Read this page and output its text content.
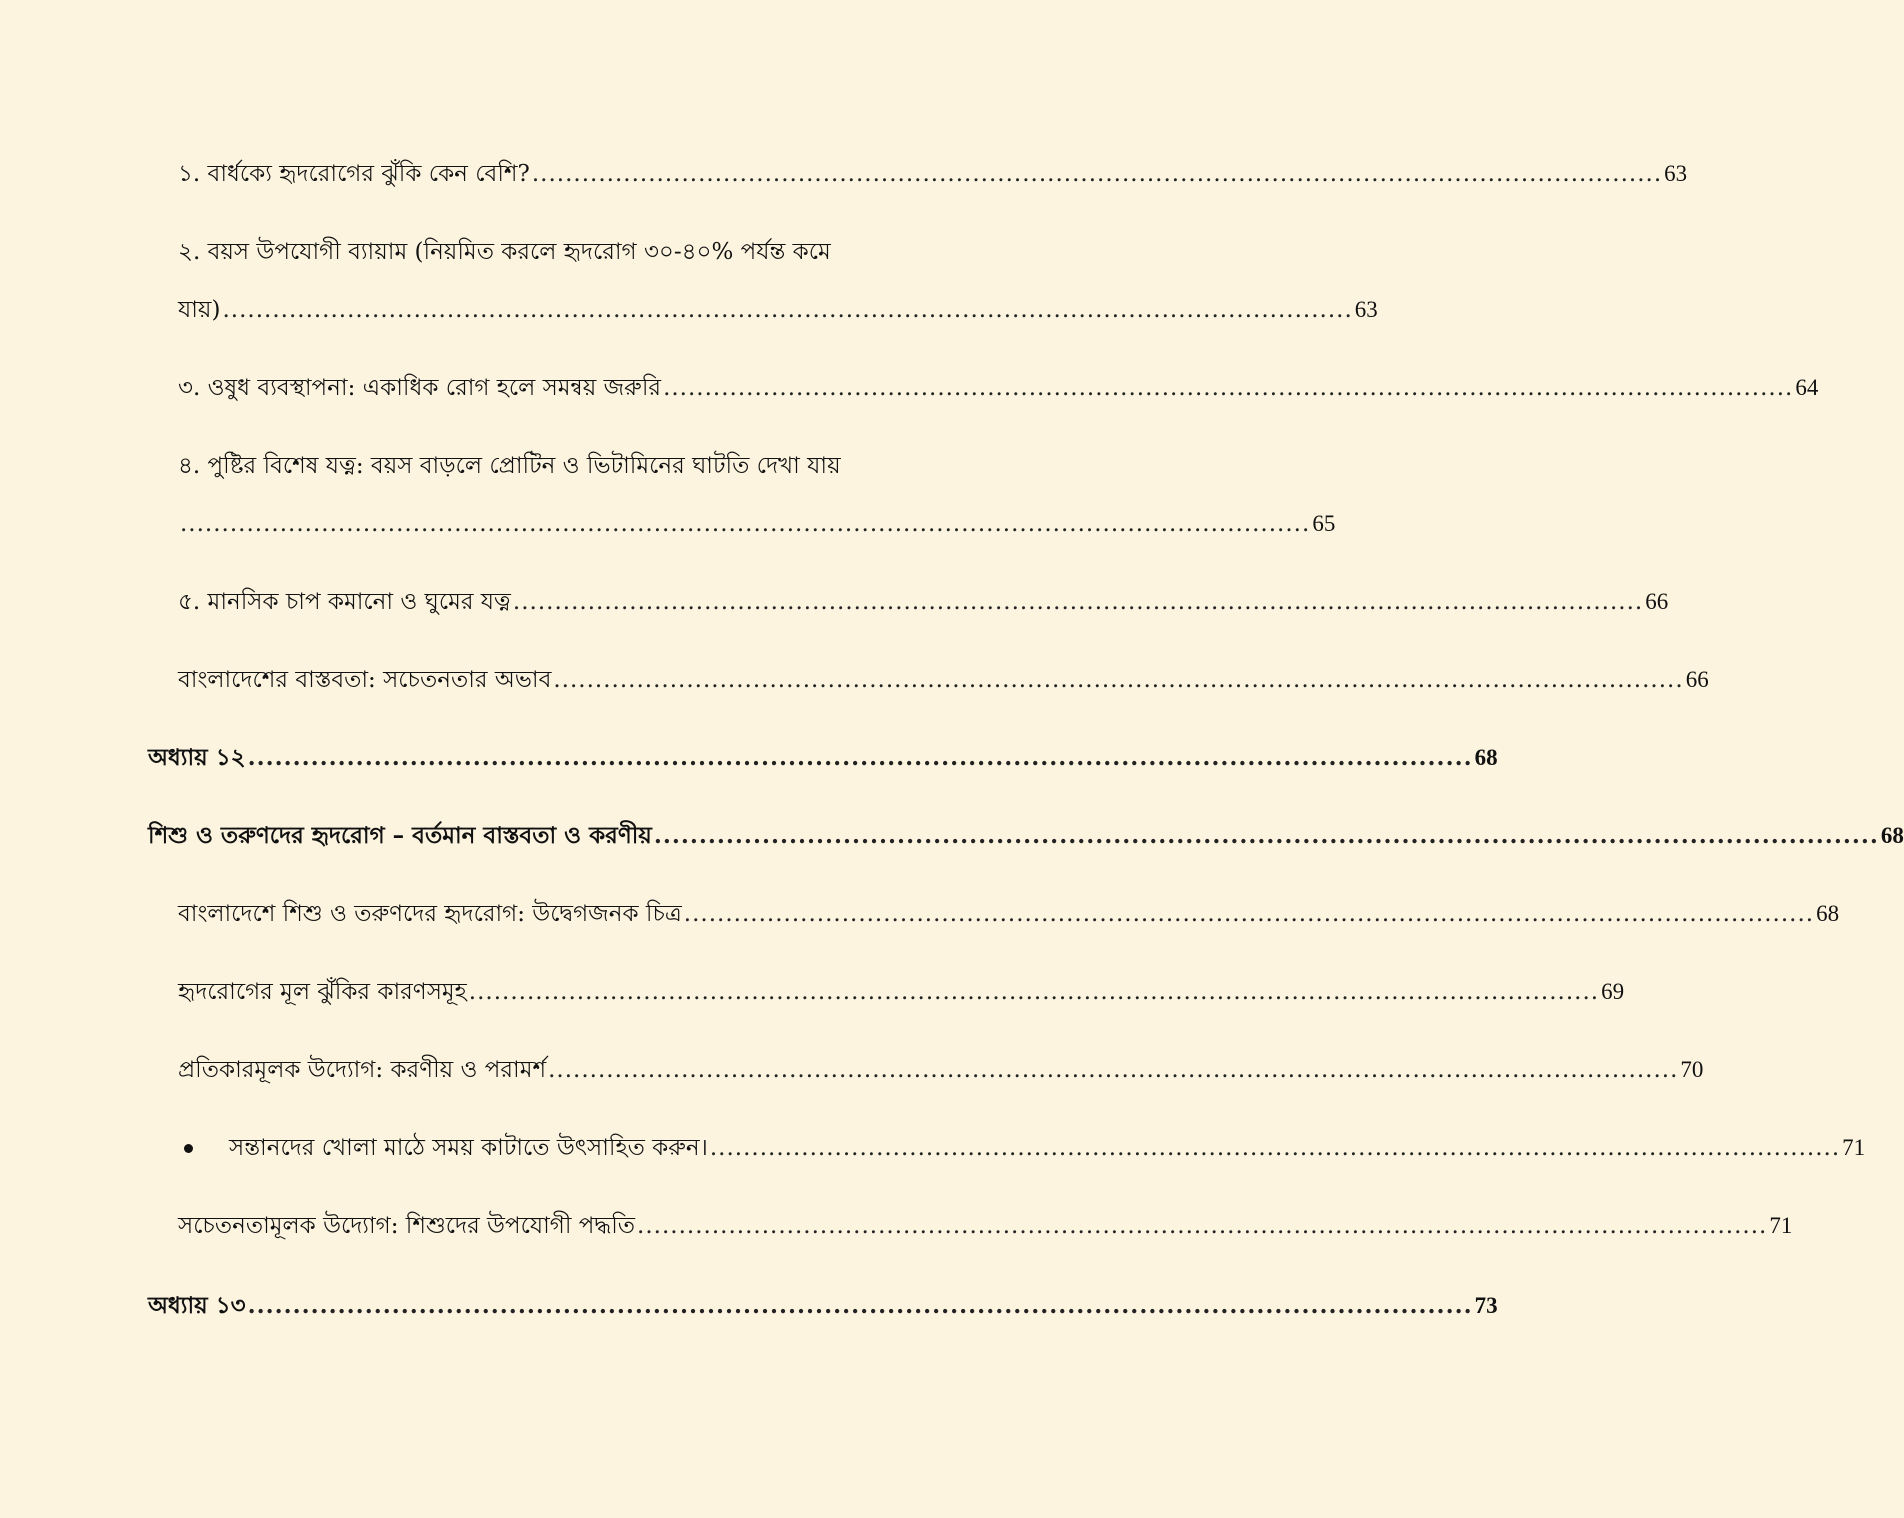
১. বার্ধক্যে হৃদরোগের ঝুঁকি কেন বেশি? ........................................................................................................................................ 63
২. বয়স উপযোগী ব্যায়াম (নিয়মিত করলে হৃদরোগ ৩০-৪০% পর্যন্ত কমে
যায়) ........................................................................................................................................ 63
৩. ওষুধ ব্যবস্থাপনা: একাধিক রোগ হলে সমন্বয় জরুরি ........................................................................................................................................ 64
৪. পুষ্টির বিশেষ যত্ন: বয়স বাড়লে প্রোটিন ও ভিটামিনের ঘাটতি দেখা যায়
........................................................................................................................................ 65
৫. মানসিক চাপ কমানো ও ঘুমের যত্ন ........................................................................................................................................ 66
বাংলাদেশের বাস্তবতা: সচেতনতার অভাব ........................................................................................................................................ 66
অধ্যায় ১২ ........................................................................................................................................ 68
শিশু ও তরুণদের হৃদরোগ – বর্তমান বাস্তবতা ও করণীয় ........................................................................................................................................ 68
বাংলাদেশে শিশু ও তরুণদের হৃদরোগ: উদ্বেগজনক চিত্র ........................................................................................................................................ 68
হৃদরোগের মূল ঝুঁকির কারণসমূহ ........................................................................................................................................ 69
প্রতিকারমূলক উদ্যোগ: করণীয় ও পরামর্শ ........................................................................................................................................ 70
সন্তানদের খোলা মাঠে সময় কাটাতে উৎসাহিত করুন। ........................................................................................................................................ 71
সচেতনতামূলক উদ্যোগ: শিশুদের উপযোগী পদ্ধতি ........................................................................................................................................ 71
অধ্যায় ১৩ ........................................................................................................................................ 73
